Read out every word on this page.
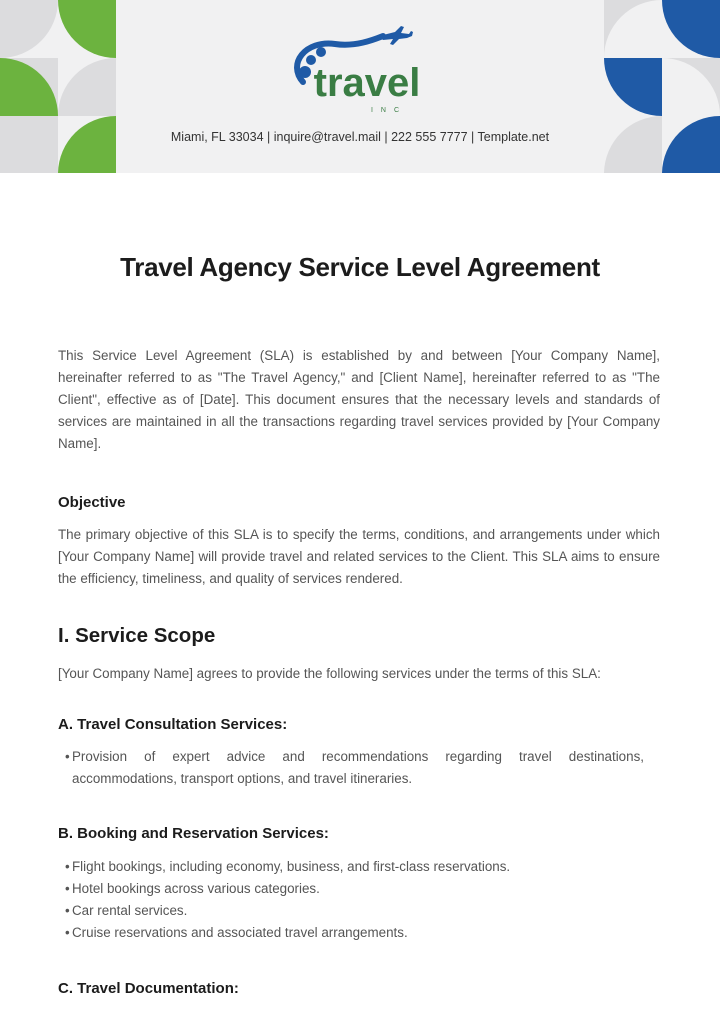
travel
INC
Miami, FL 33034 | inquire@travel.mail | 222 555 7777 | Template.net
Travel Agency Service Level Agreement

This Service Level Agreement (SLA) is established by and between [Your Company Name], hereinafter referred to as "The Travel Agency," and [Client Name], hereinafter referred to as "The Client", effective as of [Date]. This document ensures that the necessary levels and standards of services are maintained in all the transactions regarding travel services provided by [Your Company Name].

Objective

The primary objective of this SLA is to specify the terms, conditions, and arrangements under which [Your Company Name] will provide travel and related services to the Client. This SLA aims to ensure the efficiency, timeliness, and quality of services rendered.

I. Service Scope

[Your Company Name] agrees to provide the following services under the terms of this SLA:

A. Travel Consultation Services:
• Provision of expert advice and recommendations regarding travel destinations, accommodations, transport options, and travel itineraries.
B. Booking and Reservation Services:
• Flight bookings, including economy, business, and first-class reservations.
• Hotel bookings across various categories.
• Car rental services.
• Cruise reservations and associated travel arrangements.
C. Travel Documentation:
